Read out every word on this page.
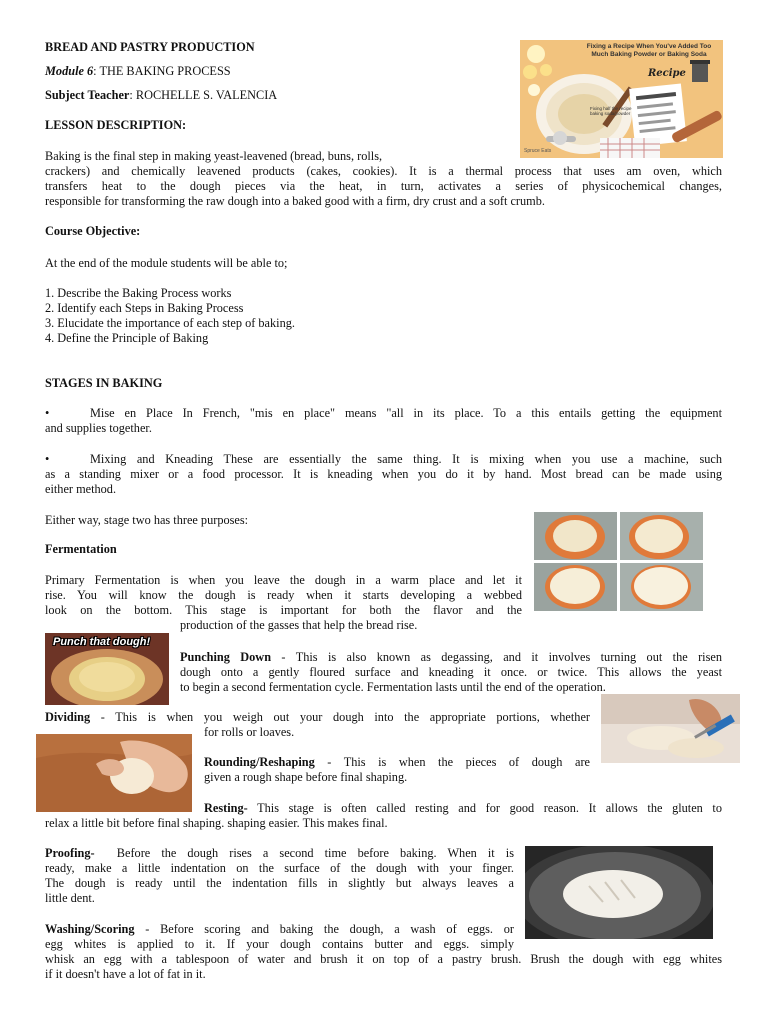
BREAD AND PASTRY PRODUCTION
Module 6: THE BAKING PROCESS
Subject Teacher: ROCHELLE S. VALENCIA
LESSON DESCRIPTION:
Baking is the final step in making yeast-leavened (bread, buns, rolls,
crackers) and chemically leavened products (cakes, cookies). It is a thermal process that uses am oven, which
transfers heat to the dough pieces via the heat, in turn, activates a series of physicochemical changes,
responsible for transforming the raw dough into a baked good with a firm, dry crust and a soft crumb.
Fixing a Recipe When You've Added Too
Much Baking Powder or Baking Soda
Recipe
Fixing half the recipe baking soda/powder
Spruce Eats
Course Objective:
At the end of the module students will be able to;
1. Describe the Baking Process works
2. Identify each Steps in Baking Process
3. Elucidate the importance of each step of baking.
4. Define the Principle of Baking
STAGES IN BAKING
•	Mise en Place In French, "mis en place" means "all in its place. To a this entails getting the equipment
and supplies together.
•	Mixing and Kneading These are essentially the same thing. It is mixing when you use a machine, such
as a standing mixer or a food processor. It is kneading when you do it by hand. Most bread can be made using
either method.
Either way, stage two has three purposes:
Fermentation
Primary Fermentation is when you leave the dough in a warm place and let it
rise. You will know the dough is ready when it starts developing a webbed
look on the bottom. This stage is important for both the flavor and the
production of the gasses that help the bread rise.
Punch that dough!
Punching Down - This is also known as degassing, and it involves turning out the risen
dough onto a gently floured surface and kneading it once. or twice. This allows the yeast
to begin a second fermentation cycle. Fermentation lasts until the end of the operation.
Dividing - This is when you weigh out your dough into the appropriate portions, whether
for rolls or loaves.
Rounding/Reshaping - This is when the pieces of dough are
given a rough shape before final shaping.
Resting- This stage is often called resting and for good reason. It allows the gluten to
relax a little bit before final shaping. shaping easier. This makes final.
Proofing-  Before the dough rises a second time before baking. When it is
ready, make a little indentation on the surface of the dough with your finger.
The dough is ready until the indentation fills in slightly but always leaves a
little dent.
Washing/Scoring - Before scoring and baking the dough, a wash of eggs. or
egg whites is applied to it. If your dough contains butter and eggs. simply
whisk an egg with a tablespoon of water and brush it on top of a pastry brush. Brush the dough with egg whites
if it doesn't have a lot of fat in it.
